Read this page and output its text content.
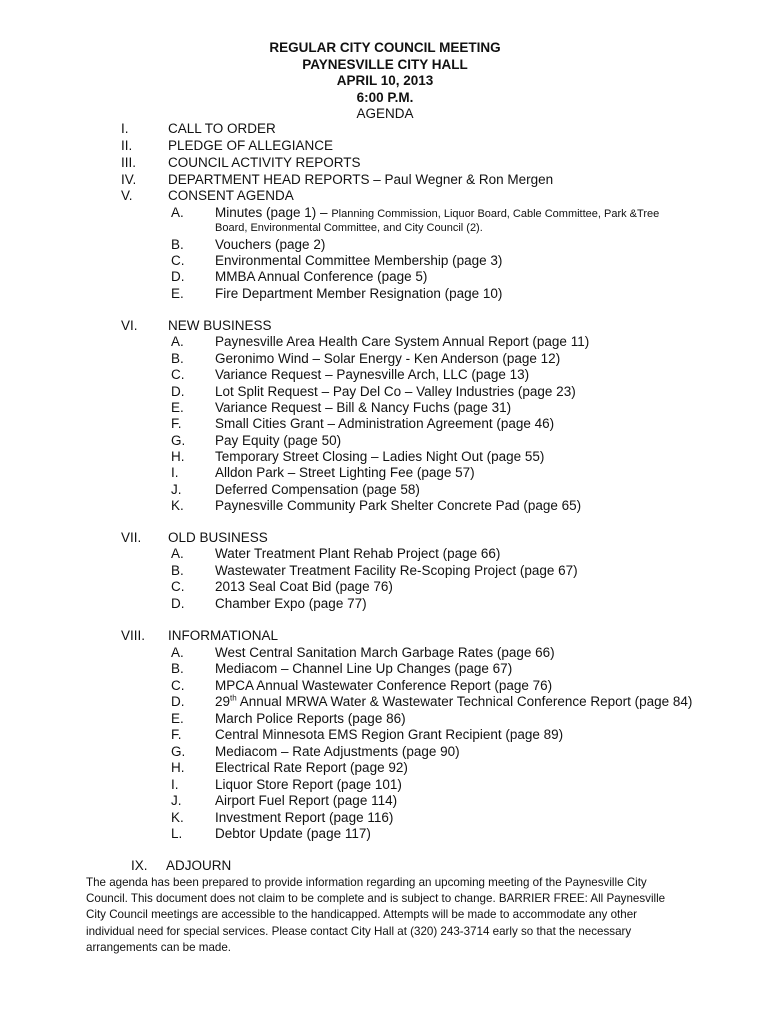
REGULAR CITY COUNCIL MEETING
PAYNESVILLE CITY HALL
APRIL 10, 2013
6:00 P.M.
AGENDA
I.	CALL TO ORDER
II.	PLEDGE OF ALLEGIANCE
III. COUNCIL ACTIVITY REPORTS
IV. DEPARTMENT HEAD REPORTS – Paul Wegner & Ron Mergen
V.	CONSENT AGENDA
A. Minutes (page 1) – Planning Commission, Liquor Board, Cable Committee, Park &Tree
Board, Environmental Committee, and City Council (2).
B. Vouchers (page 2)
C. Environmental Committee Membership (page 3)
D. MMBA Annual Conference (page 5)
E. Fire Department Member Resignation (page 10)
VI. NEW BUSINESS
A. Paynesville Area Health Care System Annual Report (page 11)
B. Geronimo Wind – Solar Energy - Ken Anderson (page 12)
C. Variance Request – Paynesville Arch, LLC (page 13)
D. Lot Split Request – Pay Del Co – Valley Industries (page 23)
E. Variance Request – Bill & Nancy Fuchs (page 31)
F. Small Cities Grant – Administration Agreement (page 46)
G. Pay Equity (page 50)
H. Temporary Street Closing – Ladies Night Out (page 55)
I.	Alldon Park – Street Lighting Fee (page 57)
J. Deferred Compensation (page 58)
K. Paynesville Community Park Shelter Concrete Pad (page 65)
VII. OLD BUSINESS
A. Water Treatment Plant Rehab Project (page 66)
B. Wastewater Treatment Facility Re-Scoping Project (page 67)
C. 2013 Seal Coat Bid (page 76)
D. Chamber Expo (page 77)
VIII. INFORMATIONAL
A. West Central Sanitation March Garbage Rates (page 66)
B. Mediacom – Channel Line Up Changes (page 67)
C. MPCA Annual Wastewater Conference Report (page 76)
D. 29th Annual MRWA Water & Wastewater Technical Conference Report (page 84)
E. March Police Reports (page 86)
F. Central Minnesota EMS Region Grant Recipient (page 89)
G. Mediacom – Rate Adjustments (page 90)
H. Electrical Rate Report (page 92)
I.	Liquor Store Report (page 101)
J. Airport Fuel Report (page 114)
K. Investment Report (page 116)
L. Debtor Update (page 117)
IX. ADJOURN

The agenda has been prepared to provide information regarding an upcoming meeting of the Paynesville City

Council. This document does not claim to be complete and is subject to change. BARRIER FREE: All Paynesville

City Council meetings are accessible to the handicapped. Attempts will be made to accommodate any other

individual need for special services. Please contact City Hall at (320) 243-3714 early so that the necessary

arrangements can be made.
